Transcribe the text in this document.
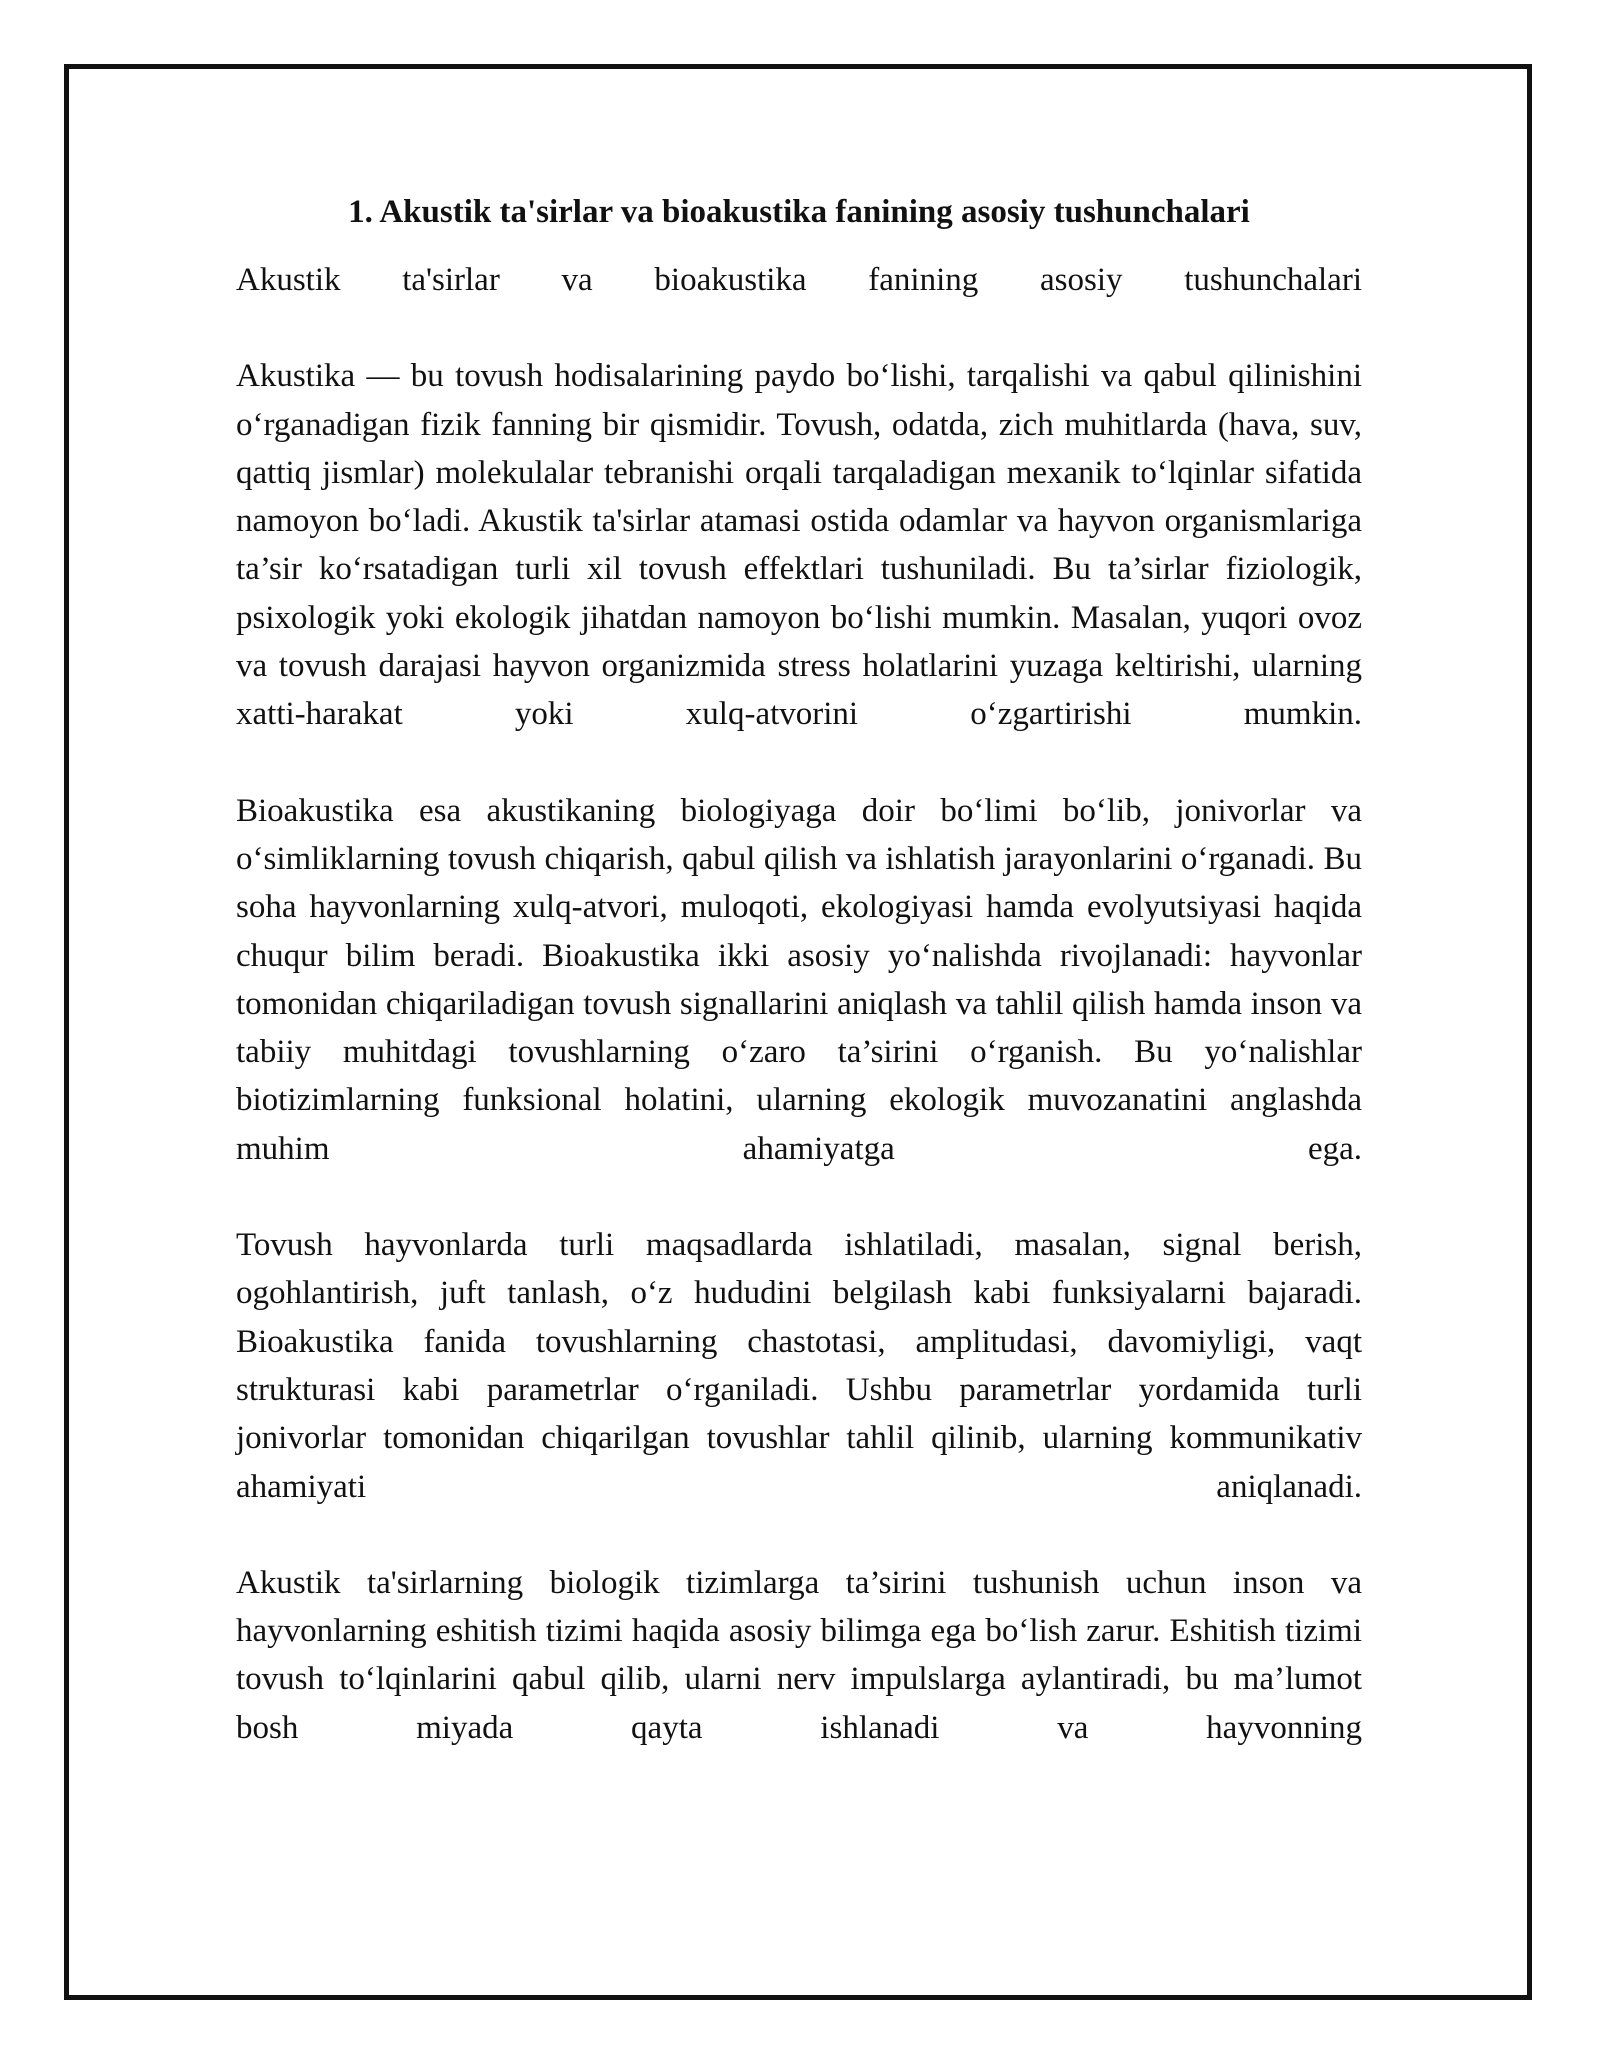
1. Akustik ta'sirlar va bioakustika fanining asosiy tushunchalari

Akustik ta'sirlar va bioakustika fanining asosiy tushunchalari

Akustika — bu tovush hodisalarining paydo bo‘lishi, tarqalishi va qabul qilinishini o‘rganadigan fizik fanning bir qismidir. Tovush, odatda, zich muhitlarda (hava, suv, qattiq jismlar) molekulalar tebranishi orqali tarqaladigan mexanik to‘lqinlar sifatida namoyon bo‘ladi. Akustik ta'sirlar atamasi ostida odamlar va hayvon organismlariga ta’sir ko‘rsatadigan turli xil tovush effektlari tushuniladi. Bu ta’sirlar fiziologik, psixologik yoki ekologik jihatdan namoyon bo‘lishi mumkin. Masalan, yuqori ovoz va tovush darajasi hayvon organizmida stress holatlarini yuzaga keltirishi, ularning xatti-harakat yoki xulq-atvorini o‘zgartirishi mumkin.

Bioakustika esa akustikaning biologiyaga doir bo‘limi bo‘lib, jonivorlar va o‘simliklarning tovush chiqarish, qabul qilish va ishlatish jarayonlarini o‘rganadi. Bu soha hayvonlarning xulq-atvori, muloqoti, ekologiyasi hamda evolyutsiyasi haqida chuqur bilim beradi. Bioakustika ikki asosiy yo‘nalishda rivojlanadi: hayvonlar tomonidan chiqariladigan tovush signallarini aniqlash va tahlil qilish hamda inson va tabiiy muhitdagi tovushlarning o‘zaro ta’sirini o‘rganish. Bu yo‘nalishlar biotizimlarning funksional holatini, ularning ekologik muvozanatini anglashda muhim ahamiyatga ega.

Tovush hayvonlarda turli maqsadlarda ishlatiladi, masalan, signal berish, ogohlantirish, juft tanlash, o‘z hududini belgilash kabi funksiyalarni bajaradi. Bioakustika fanida tovushlarning chastotasi, amplitudasi, davomiyligi, vaqt strukturasi kabi parametrlar o‘rganiladi. Ushbu parametrlar yordamida turli jonivorlar tomonidan chiqarilgan tovushlar tahlil qilinib, ularning kommunikativ ahamiyati aniqlanadi.

Akustik ta'sirlarning biologik tizimlarga ta’sirini tushunish uchun inson va hayvonlarning eshitish tizimi haqida asosiy bilimga ega bo‘lish zarur. Eshitish tizimi tovush to‘lqinlarini qabul qilib, ularni nerv impulslarga aylantiradi, bu ma’lumot bosh miyada qayta ishlanadi va hayvonning
